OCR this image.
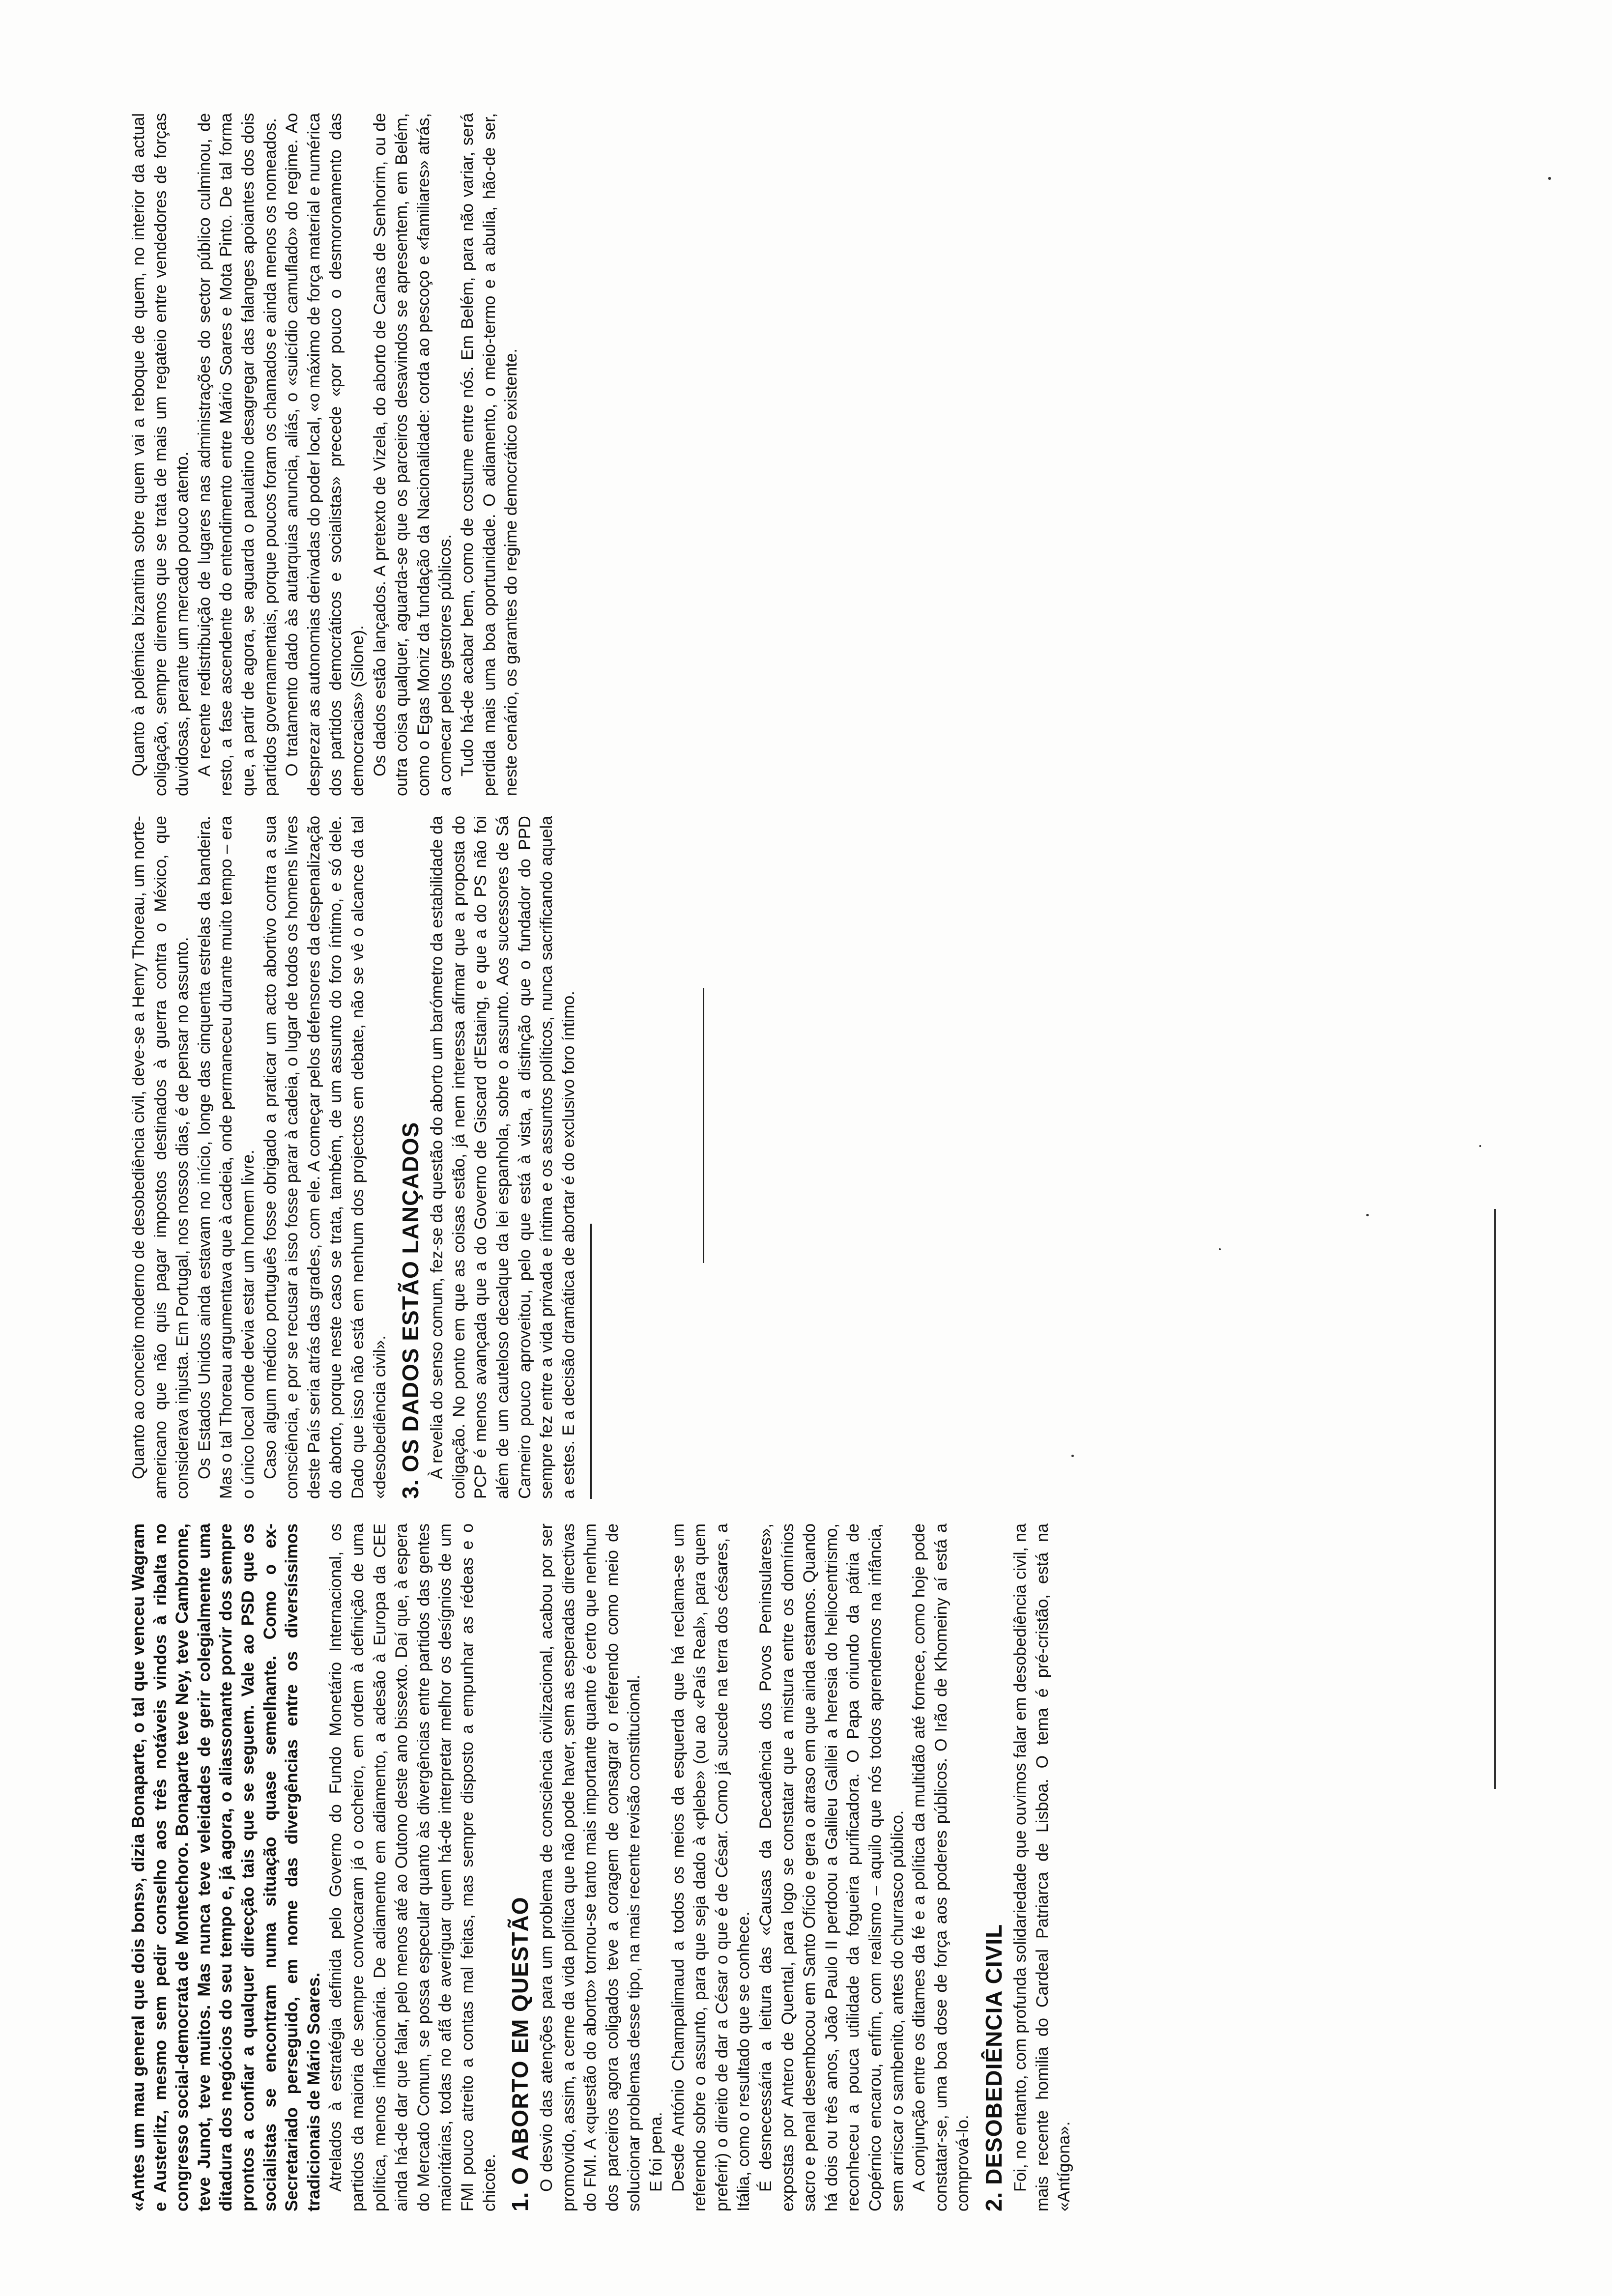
«Antes um mau general que dois bons», dizia Bonaparte, o tal que venceu Wagram e Austerlitz, mesmo sem pedir conselho aos três notáveis vindos à ribalta no congresso social-democrata de Montechoro. Bonaparte teve Ney, teve Cambronne, teve Junot, teve muitos. Mas nunca teve veleidades de gerir colegialmente uma ditadura dos negócios do seu tempo e, já agora, o aliassonante porvir dos sempre prontos a confiar a qualquer direcção tais que se seguem. Vale ao PSD que os socialistas se encontram numa situação quase semelhante. Como o ex-Secretariado perseguido, em nome das divergências entre os diversíssimos tradicionais de Mário Soares. Atrelados à estratégia definida pelo Governo do Fundo Monetário Internacional, os partidos da maioria de sempre convocaram já o cocheiro, em ordem à definição de uma política, menos inflaccionária. De adiamento em adiamento, a adesão à Europa da CEE ainda há-de dar que falar, pelo menos até ao Outono deste ano bissexto. Daí que, à espera do Mercado Comum, se possa especular quanto às divergências entre partidos das gentes maioritárias, todas no afã de averiguar quem há-de interpretar melhor os desígnios de um FMI pouco atreito a contas mal feitas, mas sempre disposto a empunhar as rédeas e o chicote. 1. O ABORTO EM QUESTÃO O desvio das atenções para um problema de consciência civilizacional, acabou por ser promovido, assim, a cerne da vida política que não pode haver, sem as esperadas directivas do FMI. A «questão do aborto» tornou-se tanto mais importante quanto é certo que nenhum dos parceiros agora coligados teve a coragem de consagrar o referendo como meio de solucionar problemas desse tipo, na mais recente revisão constitucional. E foi pena. Desde António Champalimaud a todos os meios da esquerda que há reclama-se um referendo sobre o assunto, para que seja dado à «plebe» (ou ao «País Real», para quem preferir) o direito de dar a César o que é de César. Como já sucede na terra dos césares, a Itália, como o resultado que se conhece. É desnecessária a leitura das «Causas da Decadência dos Povos Peninsulares», expostas por Antero de Quental, para logo se constatar que a mistura entre os domínios sacro e penal desembocou em Santo Ofício e gera o atraso em que ainda estamos. Quando há dois ou três anos, João Paulo II perdoou a Galileu Galilei a heresia do heliocentrismo, reconheceu a pouca utilidade da fogueira purificadora. O Papa oriundo da pátria de Copérnico encarou, enfim, com realismo – aquilo que nós todos aprendemos na infância, sem arriscar o sambenito, antes do churrasco público. A conjunção entre os ditames da fé e a política da multidão até fornece, como hoje pode constatar-se, uma boa dose de força aos poderes públicos. O Irão de Khomeiny aí está a comprová-lo. 2. DESOBEDIÊNCIA CIVIL Foi, no entanto, com profunda solidariedade que ouvimos falar em desobediência civil, na mais recente homilia do Cardeal Patriarca de Lisboa. O tema é pré-cristão, está na «Antígona».

Quanto ao conceito moderno de desobediência civil, deve-se a Henry Thoreau, um norte-americano que não quis pagar impostos destinados à guerra contra o México, que considerava injusta. Em Portugal, nos nossos dias, é de pensar no assunto. Os Estados Unidos ainda estavam no início, longe das cinquenta estrelas da bandeira. Mas o tal Thoreau argumentava que à cadeia, onde permaneceu durante muito tempo – era o único local onde devia estar um homem livre. Caso algum médico português fosse obrigado a praticar um acto abortivo contra a sua consciência, e por se recusar a isso fosse parar à cadeia, o lugar de todos os homens livres deste País seria atrás das grades, com ele. A começar pelos defensores da despenalização do aborto, porque neste caso se trata, também, de um assunto do foro íntimo, e só dele. Dado que isso não está em nenhum dos projectos em debate, não se vê o alcance da tal «desobediência civil». 3. OS DADOS ESTÃO LANÇADOS À revelia do senso comum, fez-se da questão do aborto um barómetro da estabilidade da coligação. No ponto em que as coisas estão, já nem interessa afirmar que a proposta do PCP é menos avançada que a do Governo de Giscard d'Estaing, e que a do PS não foi além de um cauteloso decalque da lei espanhola, sobre o assunto. Aos sucessores de Sá Carneiro pouco aproveitou, pelo que está à vista, a distinção que o fundador do PPD sempre fez entre a vida privada e íntima e os assuntos políticos, nunca sacrificando aquela a estes. E a decisão dramática de abortar é do exclusivo foro íntimo.

Quanto à polémica bizantina sobre quem vai a reboque de quem, no interior da actual coligação, sempre diremos que se trata de mais um regateio entre vendedores de forças duvidosas, perante um mercado pouco atento. A recente redistribuição de lugares nas administrações do sector público culminou, de resto, a fase ascendente do entendimento entre Mário Soares e Mota Pinto. De tal forma que, a partir de agora, se aguarda o paulatino desagregar das falanges apoiantes dos dois partidos governamentais, porque poucos foram os chamados e ainda menos os nomeados. O tratamento dado às autarquias anuncia, aliás, o «suicídio camuflado» do regime. Ao desprezar as autonomias derivadas do poder local, «o máximo de força material e numérica dos partidos democráticos e socialistas» precede «por pouco o desmoronamento das democracias» (Silone). Os dados estão lançados. A pretexto de Vizela, do aborto de Canas de Senhorim, ou de outra coisa qualquer, aguarda-se que os parceiros desavindos se apresentem, em Belém, como o Egas Moniz da fundação da Nacionalidade: corda ao pescoço e «familiares» atrás, a comecar pelos gestores públicos. Tudo há-de acabar bem, como de costume entre nós. Em Belém, para não variar, será perdida mais uma boa oportunidade. O adiamento, o meio-termo e a abulia, hão-de ser, neste cenário, os garantes do regime democrático existente.
